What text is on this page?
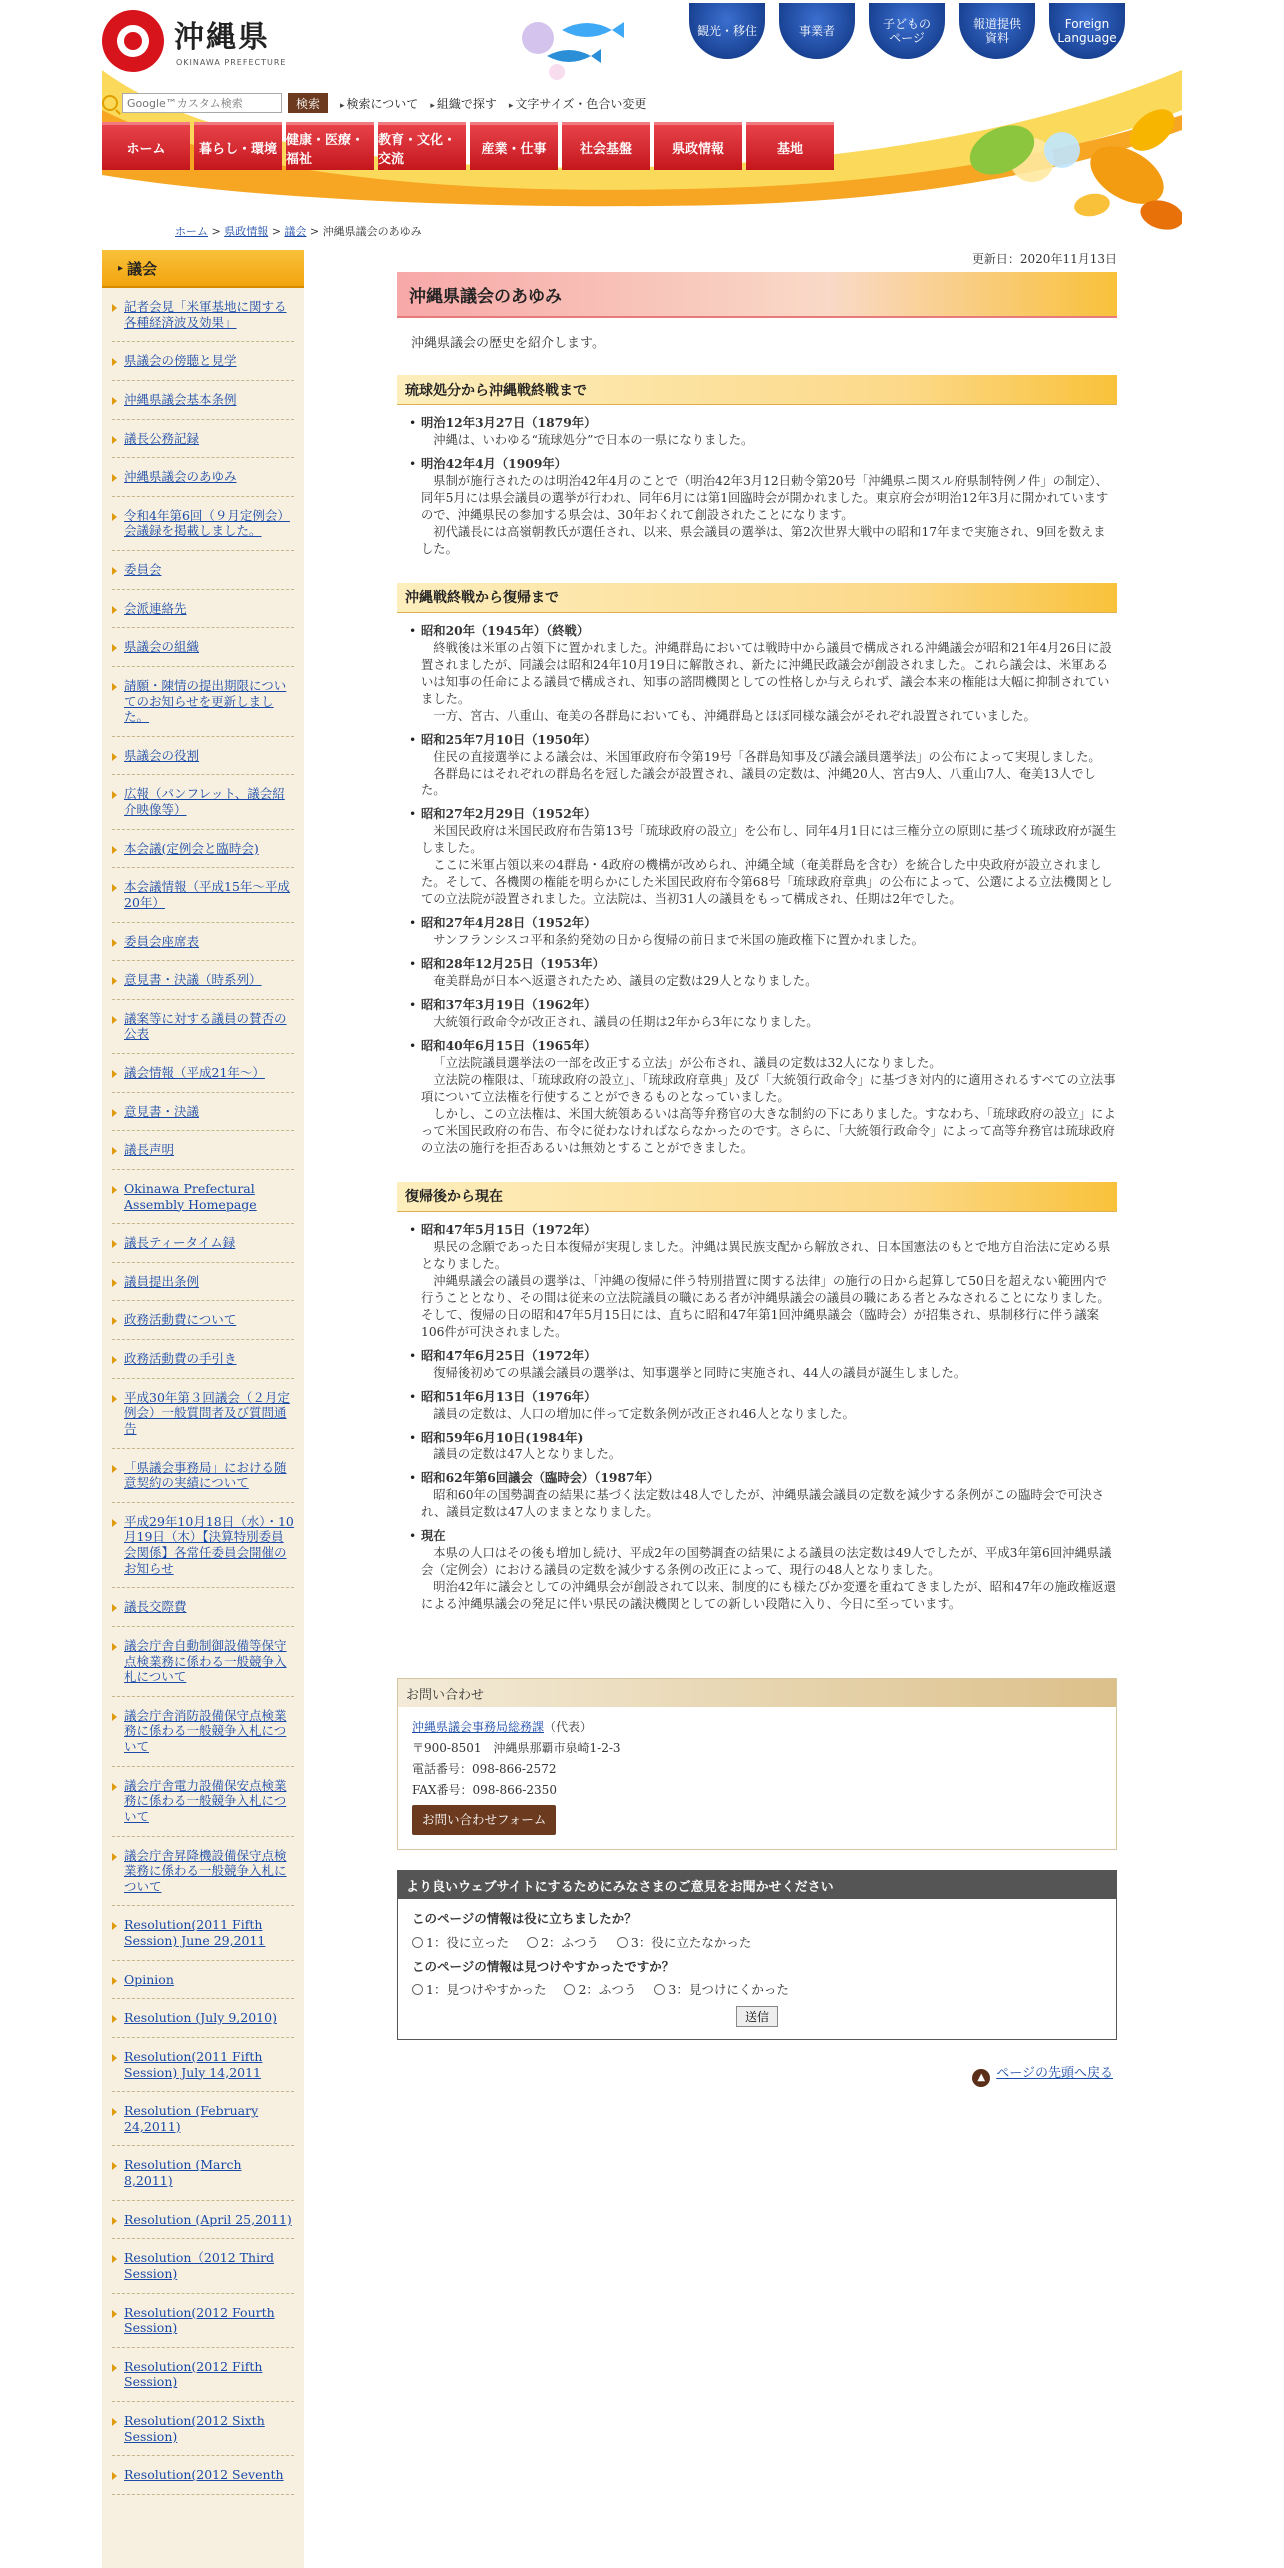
沖縄県
OKINAWA PREFECTURE
観光・移住	事業者
子どもの
ページ
報道提供
資料
Foreign
Language
Google™カスタム検索
検索	▸ 検索について	▸ 組織で探す	▸ 文字サイズ・色合い変更
ホーム	暮らし・環境
健康・医療・福祉
教育・文化・交流
産業・仕事	社会基盤	県政情報	基地
ホーム > 県政情報 > 議会 > 沖縄県議会のあゆみ
▸ 議会
記者会見「米軍基地に関する各種経済波及効果」
県議会の傍聴と見学
沖縄県議会基本条例
議長公務記録
沖縄県議会のあゆみ
令和4年第6回（９月定例会）会議録を掲載しました。
委員会
会派連絡先
県議会の組織
請願・陳情の提出期限についてのお知らせを更新しました。
県議会の役割
広報（パンフレット、議会紹介映像等）
本会議(定例会と臨時会)
本会議情報（平成15年～平成20年）
委員会座席表
意見書・決議（時系列）
議案等に対する議員の賛否の公表
議会情報（平成21年～）
意見書・決議
議長声明
Okinawa Prefectural Assembly Homepage
議長ティータイム録
議員提出条例
政務活動費について
政務活動費の手引き
平成30年第３回議会（２月定例会）一般質問者及び質問通告
「県議会事務局」における随意契約の実績について
平成29年10月18日（水）・10月19日（木）【決算特別委員会関係】各常任委員会開催のお知らせ
議長交際費
議会庁舎自動制御設備等保守点検業務に係わる一般競争入札について
議会庁舎消防設備保守点検業務に係わる一般競争入札について
議会庁舎電力設備保安点検業務に係わる一般競争入札について
議会庁舎昇降機設備保守点検業務に係わる一般競争入札について
Resolution(2011 Fifth Session) June 29,2011
Opinion
Resolution (July 9,2010)
Resolution(2011 Fifth Session) July 14,2011
Resolution (February 24,2011)
Resolution (March 8,2011)
Resolution (April 25,2011)
Resolution（2012 Third Session)
Resolution(2012 Fourth Session)
Resolution(2012 Fifth Session)
Resolution(2012 Sixth Session)
Resolution(2012 Seventh
更新日：2020年11月13日
沖縄県議会のあゆみ
沖縄県議会の歴史を紹介します。
琉球処分から沖縄戦終戦まで
• 明治12年3月27日（1879年）
沖縄は、いわゆる“琉球処分”で日本の一県になりました。
• 明治42年4月（1909年）
県制が施行されたのは明治42年4月のことで（明治42年3月12日勅令第20号「沖縄県ニ関スル府県制特例ノ件」の制定）、同年5月には県会議員の選挙が行われ、同年6月には第1回臨時会が開かれました。東京府会が明治12年3月に開かれていますので、沖縄県民の参加する県会は、30年おくれて創設されたことになります。
初代議長には高嶺朝教氏が選任され、以来、県会議員の選挙は、第2次世界大戦中の昭和17年まで実施され、9回を数えました。
沖縄戦終戦から復帰まで
• 昭和20年（1945年）（終戦）
終戦後は米軍の占領下に置かれました。沖縄群島においては戦時中から議員で構成される沖縄議会が昭和21年4月26日に設置されましたが、同議会は昭和24年10月19日に解散され、新たに沖縄民政議会が創設されました。これら議会は、米軍あるいは知事の任命による議員で構成され、知事の諮問機関としての性格しか与えられず、議会本来の権能は大幅に抑制されていました。
一方、宮古、八重山、奄美の各群島においても、沖縄群島とほぼ同様な議会がそれぞれ設置されていました。
• 昭和25年7月10日（1950年）
住民の直接選挙による議会は、米国軍政府布令第19号「各群島知事及び議会議員選挙法」の公布によって実現しました。
各群島にはそれぞれの群島名を冠した議会が設置され、議員の定数は、沖縄20人、宮古9人、八重山7人、奄美13人でした。
• 昭和27年2月29日（1952年）
米国民政府は米国民政府布告第13号「琉球政府の設立」を公布し、同年4月1日には三権分立の原則に基づく琉球政府が誕生しました。
ここに米軍占領以来の4群島・4政府の機構が改められ、沖縄全域（奄美群島を含む）を統合した中央政府が設立されました。そして、各機関の権能を明らかにした米国民政府布令第68号「琉球政府章典」の公布によって、公選による立法機関としての立法院が設置されました。立法院は、当初31人の議員をもって構成され、任期は2年でした。
• 昭和27年4月28日（1952年）
サンフランシスコ平和条約発効の日から復帰の前日まで米国の施政権下に置かれました。
• 昭和28年12月25日（1953年）
奄美群島が日本へ返還されたため、議員の定数は29人となりました。
• 昭和37年3月19日（1962年）
大統領行政命令が改正され、議員の任期は2年から3年になりました。
• 昭和40年6月15日（1965年）
「立法院議員選挙法の一部を改正する立法」が公布され、議員の定数は32人になりました。
立法院の権限は、「琉球政府の設立」、「琉球政府章典」及び「大統領行政命令」に基づき対内的に適用されるすべての立法事項について立法権を行使することができるものとなっていました。
しかし、この立法権は、米国大統領あるいは高等弁務官の大きな制約の下にありました。すなわち、「琉球政府の設立」によって米国民政府の布告、布令に従わなければならなかったのです。さらに、「大統領行政命令」によって高等弁務官は琉球政府の立法の施行を拒否あるいは無効とすることができました。
復帰後から現在
• 昭和47年5月15日（1972年）
県民の念願であった日本復帰が実現しました。沖縄は異民族支配から解放され、日本国憲法のもとで地方自治法に定める県となりました。
沖縄県議会の議員の選挙は、「沖縄の復帰に伴う特別措置に関する法律」の施行の日から起算して50日を超えない範囲内で行うこととなり、その間は従来の立法院議員の職にある者が沖縄県議会の議員の職にある者とみなされることになりました。そして、復帰の日の昭和47年5月15日には、直ちに昭和47年第1回沖縄県議会（臨時会）が招集され、県制移行に伴う議案106件が可決されました。
• 昭和47年6月25日（1972年）
復帰後初めての県議会議員の選挙は、知事選挙と同時に実施され、44人の議員が誕生しました。
• 昭和51年6月13日（1976年）
議員の定数は、人口の増加に伴って定数条例が改正され46人となりました。
• 昭和59年6月10日(1984年)
議員の定数は47人となりました。
• 昭和62年第6回議会（臨時会）（1987年）
昭和60年の国勢調査の結果に基づく法定数は48人でしたが、沖縄県議会議員の定数を減少する条例がこの臨時会で可決され、議員定数は47人のままとなりました。
• 現在
本県の人口はその後も増加し続け、平成2年の国勢調査の結果による議員の法定数は49人でしたが、平成3年第6回沖縄県議会（定例会）における議員の定数を減少する条例の改正によって、現行の48人となりました。
明治42年に議会としての沖縄県会が創設されて以来、制度的にも様たびか変遷を重ねてきましたが、昭和47年の施政権返還による沖縄県議会の発足に伴い県民の議決機関としての新しい段階に入り、今日に至っています。
お問い合わせ
沖縄県議会事務局総務課（代表）
〒900-8501　沖縄県那覇市泉崎1-2-3
電話番号：098-866-2572
FAX番号：098-866-2350
お問い合わせフォーム
より良いウェブサイトにするためにみなさまのご意見をお聞かせください
このページの情報は役に立ちましたか？
1：役に立った	2：ふつう	3：役に立たなかった
このページの情報は見つけやすかったですか？
1：見つけやすかった	2：ふつう	3：見つけにくかった
送信
▲ ページの先頭へ戻る
